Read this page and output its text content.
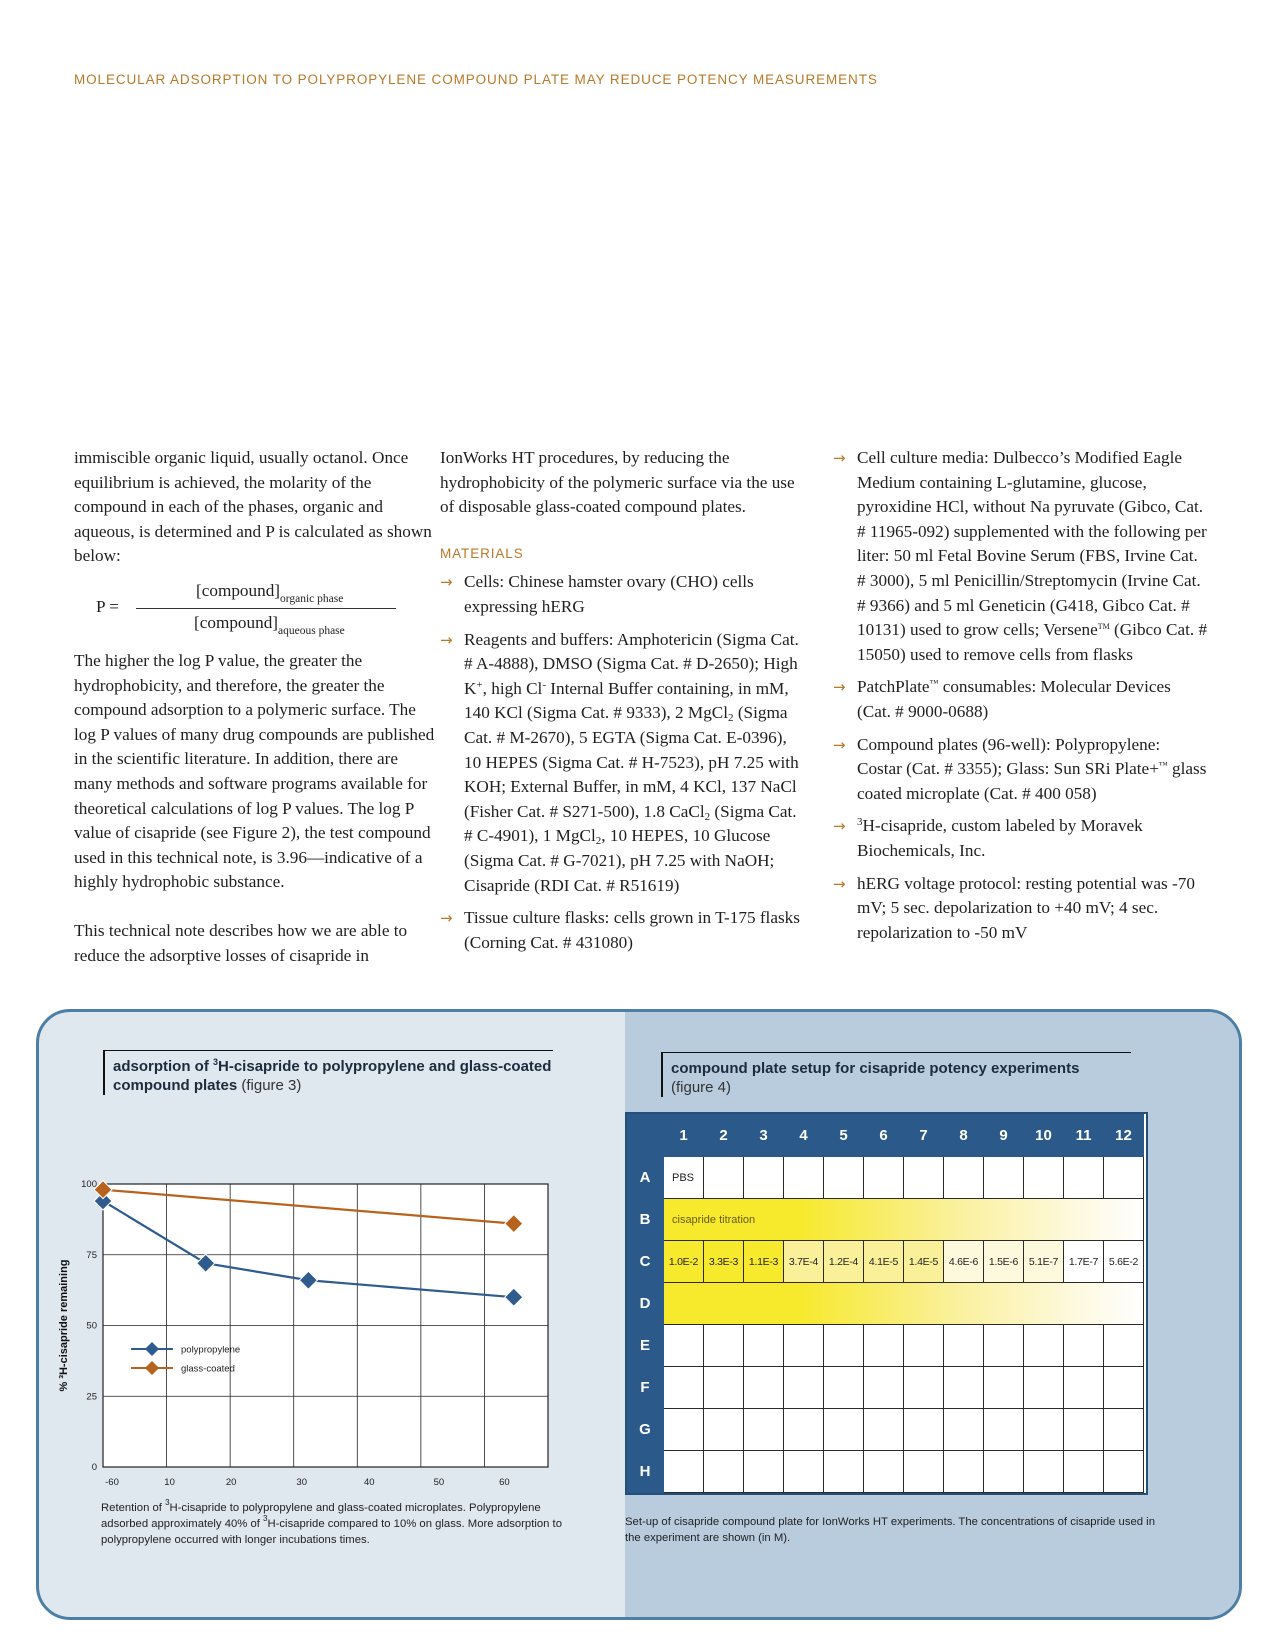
MOLECULAR ADSORPTION TO POLYPROPYLENE COMPOUND PLATE MAY REDUCE POTENCY MEASUREMENTS

immiscible organic liquid, usually octanol. Once equilibrium is achieved, the molarity of the compound in each of the phases, organic and aqueous, is determined and P is calculated as shown below:

P =
$[compound]_{organic phase}$
$[compound]_{aqueous phase}$

The higher the log P value, the greater the hydrophobicity, and therefore, the greater the compound adsorption to a polymeric surface. The log P values of many drug compounds are published in the scientific literature. In addition, there are many methods and software programs available for theoretical calculations of log P values. The log P value of cisapride (see Figure 2), the test compound used in this technical note, is 3.96—indicative of a highly hydrophobic substance.

This technical note describes how we are able to reduce the adsorptive losses of cisapride in

IonWorks HT procedures, by reducing the hydrophobicity of the polymeric surface via the use of disposable glass-coated compound plates.

MATERIALS
→ Cells: Chinese hamster ovary (CHO) cells expressing hERG
→ Reagents and buffers: Amphotericin (Sigma Cat. # A-4888), DMSO (Sigma Cat. # D-2650); High K+, high Cl- Internal Buffer containing, in mM, 140 KCl (Sigma Cat. # 9333), 2 MgCl$_2$ (Sigma Cat. # M-2670), 5 EGTA (Sigma Cat. E-0396), 10 HEPES (Sigma Cat. # H-7523), pH 7.25 with KOH; External Buffer, in mM, 4 KCl, 137 NaCl (Fisher Cat. # S271-500), 1.8 CaCl$_2$ (Sigma Cat. # C-4901), 1 MgCl$_2$, 10 HEPES, 10 Glucose (Sigma Cat. # G-7021), pH 7.25 with NaOH; Cisapride (RDI Cat. # R51619)
→ Tissue culture flasks: cells grown in T-175 flasks (Corning Cat. # 431080)
→ Cell culture media: Dulbecco’s Modified Eagle Medium containing L-glutamine, glucose, pyroxidine HCl, without Na pyruvate (Gibco, Cat. # 11965-092) supplemented with the following per liter: 50 ml Fetal Bovine Serum (FBS, Irvine Cat. # 3000), 5 ml Penicillin/Streptomycin (Irvine Cat. # 9366) and 5 ml Geneticin (G418, Gibco Cat. # 10131) used to grow cells; Versene™ (Gibco Cat. # 15050) used to remove cells from flasks
→ PatchPlate™ consumables: Molecular Devices (Cat. # 9000-0688)
→ Compound plates (96-well): Polypropylene: Costar (Cat. # 3355); Glass: Sun SRi Plate+™ glass coated microplate (Cat. # 400 058)
→ $^3$H-cisapride, custom labeled by Moravek Biochemicals, Inc.
→ hERG voltage protocol: resting potential was -70 mV; 5 sec. depolarization to +40 mV; 4 sec. repolarization to -50 mV
adsorption of $^3$H-cisapride to polypropylene and glass-coated compound plates (figure 3)
0
25
50
75
100
-60	10	20	30	40	50	60
% ³H-cisapride remaining	polypropylene
glass-coated
Retention of $^3$H-cisapride to polypropylene and glass-coated microplates. Polypropylene adsorbed approximately 40% of $^3$H-cisapride compared to 10% on glass. More adsorption to polypropylene occurred with longer incubations times.
compound plate setup for cisapride potency experiments
(figure 4)
1	2	3	4	5	6	7	8	9	10	11	12
A	PBS
B	cisapride titration
C	1.0E-2	3.3E-3	1.1E-3	3.7E-4	1.2E-4	4.1E-5	1.4E-5	4.6E-6	1.5E-6	5.1E-7	1.7E-7	5.6E-2
D
E
F
G
H
Set-up of cisapride compound plate for IonWorks HT experiments. The concentrations of cisapride used in the experiment are shown (in M).
